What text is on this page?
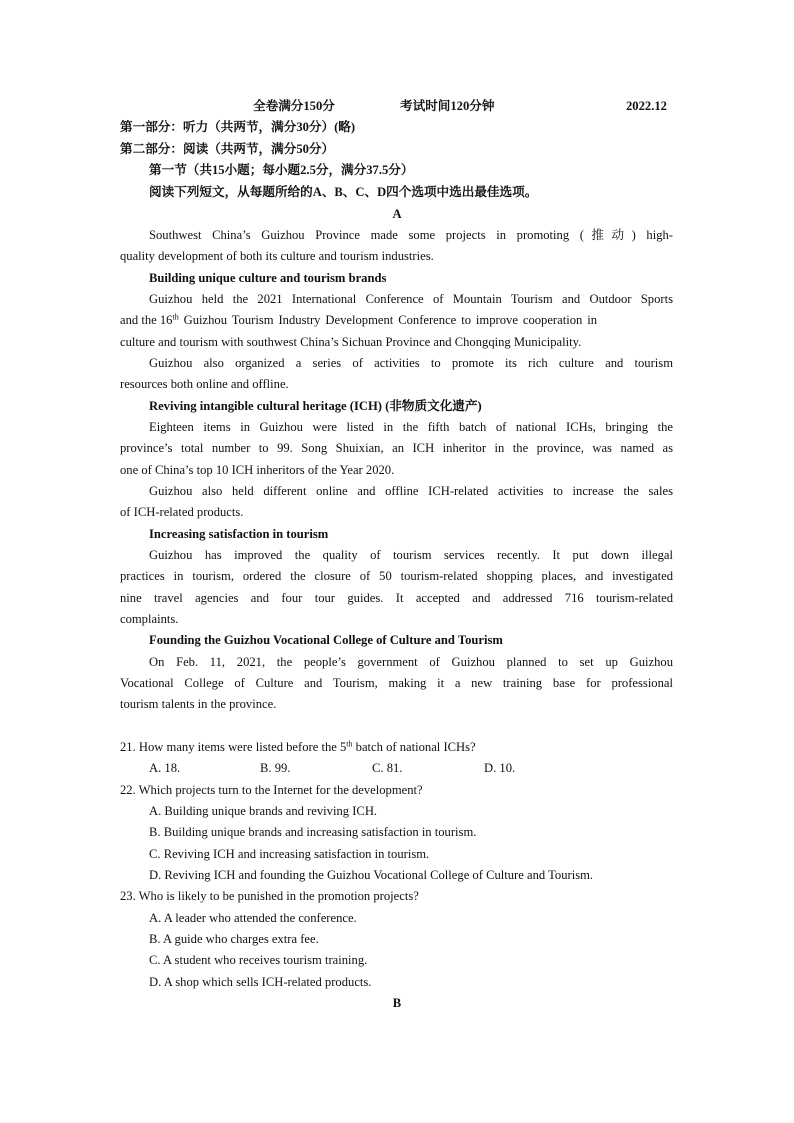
全卷满分150分	考试时间120分钟	2022.12
第一部分：听力（共两节，满分30分）(略)
第二部分：阅读（共两节，满分50分）
第一节（共15小题；每小题2.5分，满分37.5分）
阅读下列短文，从每题所给的A、B、C、D四个选项中选出最佳选项。
A
Southwest China’s Guizhou Province made some projects in promoting (推动) high-
quality development of both its culture and tourism industries.
Building unique culture and tourism brands
Guizhou held the 2021 International Conference of Mountain Tourism and Outdoor Sports
and the 16th Guizhou Tourism Industry Development Conference to improve cooperation in
culture and tourism with southwest China’s Sichuan Province and Chongqing Municipality.
Guizhou also organized a series of activities to promote its rich culture and tourism
resources both online and offline.
Reviving intangible cultural heritage (ICH) (非物质文化遗产)
Eighteen items in Guizhou were listed in the fifth batch of national ICHs, bringing the
province’s total number to 99. Song Shuixian, an ICH inheritor in the province, was named as
one of China’s top 10 ICH inheritors of the Year 2020.
Guizhou also held different online and offline ICH-related activities to increase the sales
of ICH-related products.
Increasing satisfaction in tourism
Guizhou has improved the quality of tourism services recently. It put down illegal
practices in tourism, ordered the closure of 50 tourism-related shopping places, and investigated
nine travel agencies and four tour guides. It accepted and addressed 716 tourism-related
complaints.
Founding the Guizhou Vocational College of Culture and Tourism
On Feb. 11, 2021, the people’s government of Guizhou planned to set up Guizhou
Vocational College of Culture and Tourism, making it a new training base for professional
tourism talents in the province.
21. How many items were listed before the 5th batch of national ICHs?
A. 18.	B. 99.	C. 81.	D. 10.
22. Which projects turn to the Internet for the development?
A. Building unique brands and reviving ICH.
B. Building unique brands and increasing satisfaction in tourism.
C. Reviving ICH and increasing satisfaction in tourism.
D. Reviving ICH and founding the Guizhou Vocational College of Culture and Tourism.
23. Who is likely to be punished in the promotion projects?
A. A leader who attended the conference.
B. A guide who charges extra fee.
C. A student who receives tourism training.
D. A shop which sells ICH-related products.
B
